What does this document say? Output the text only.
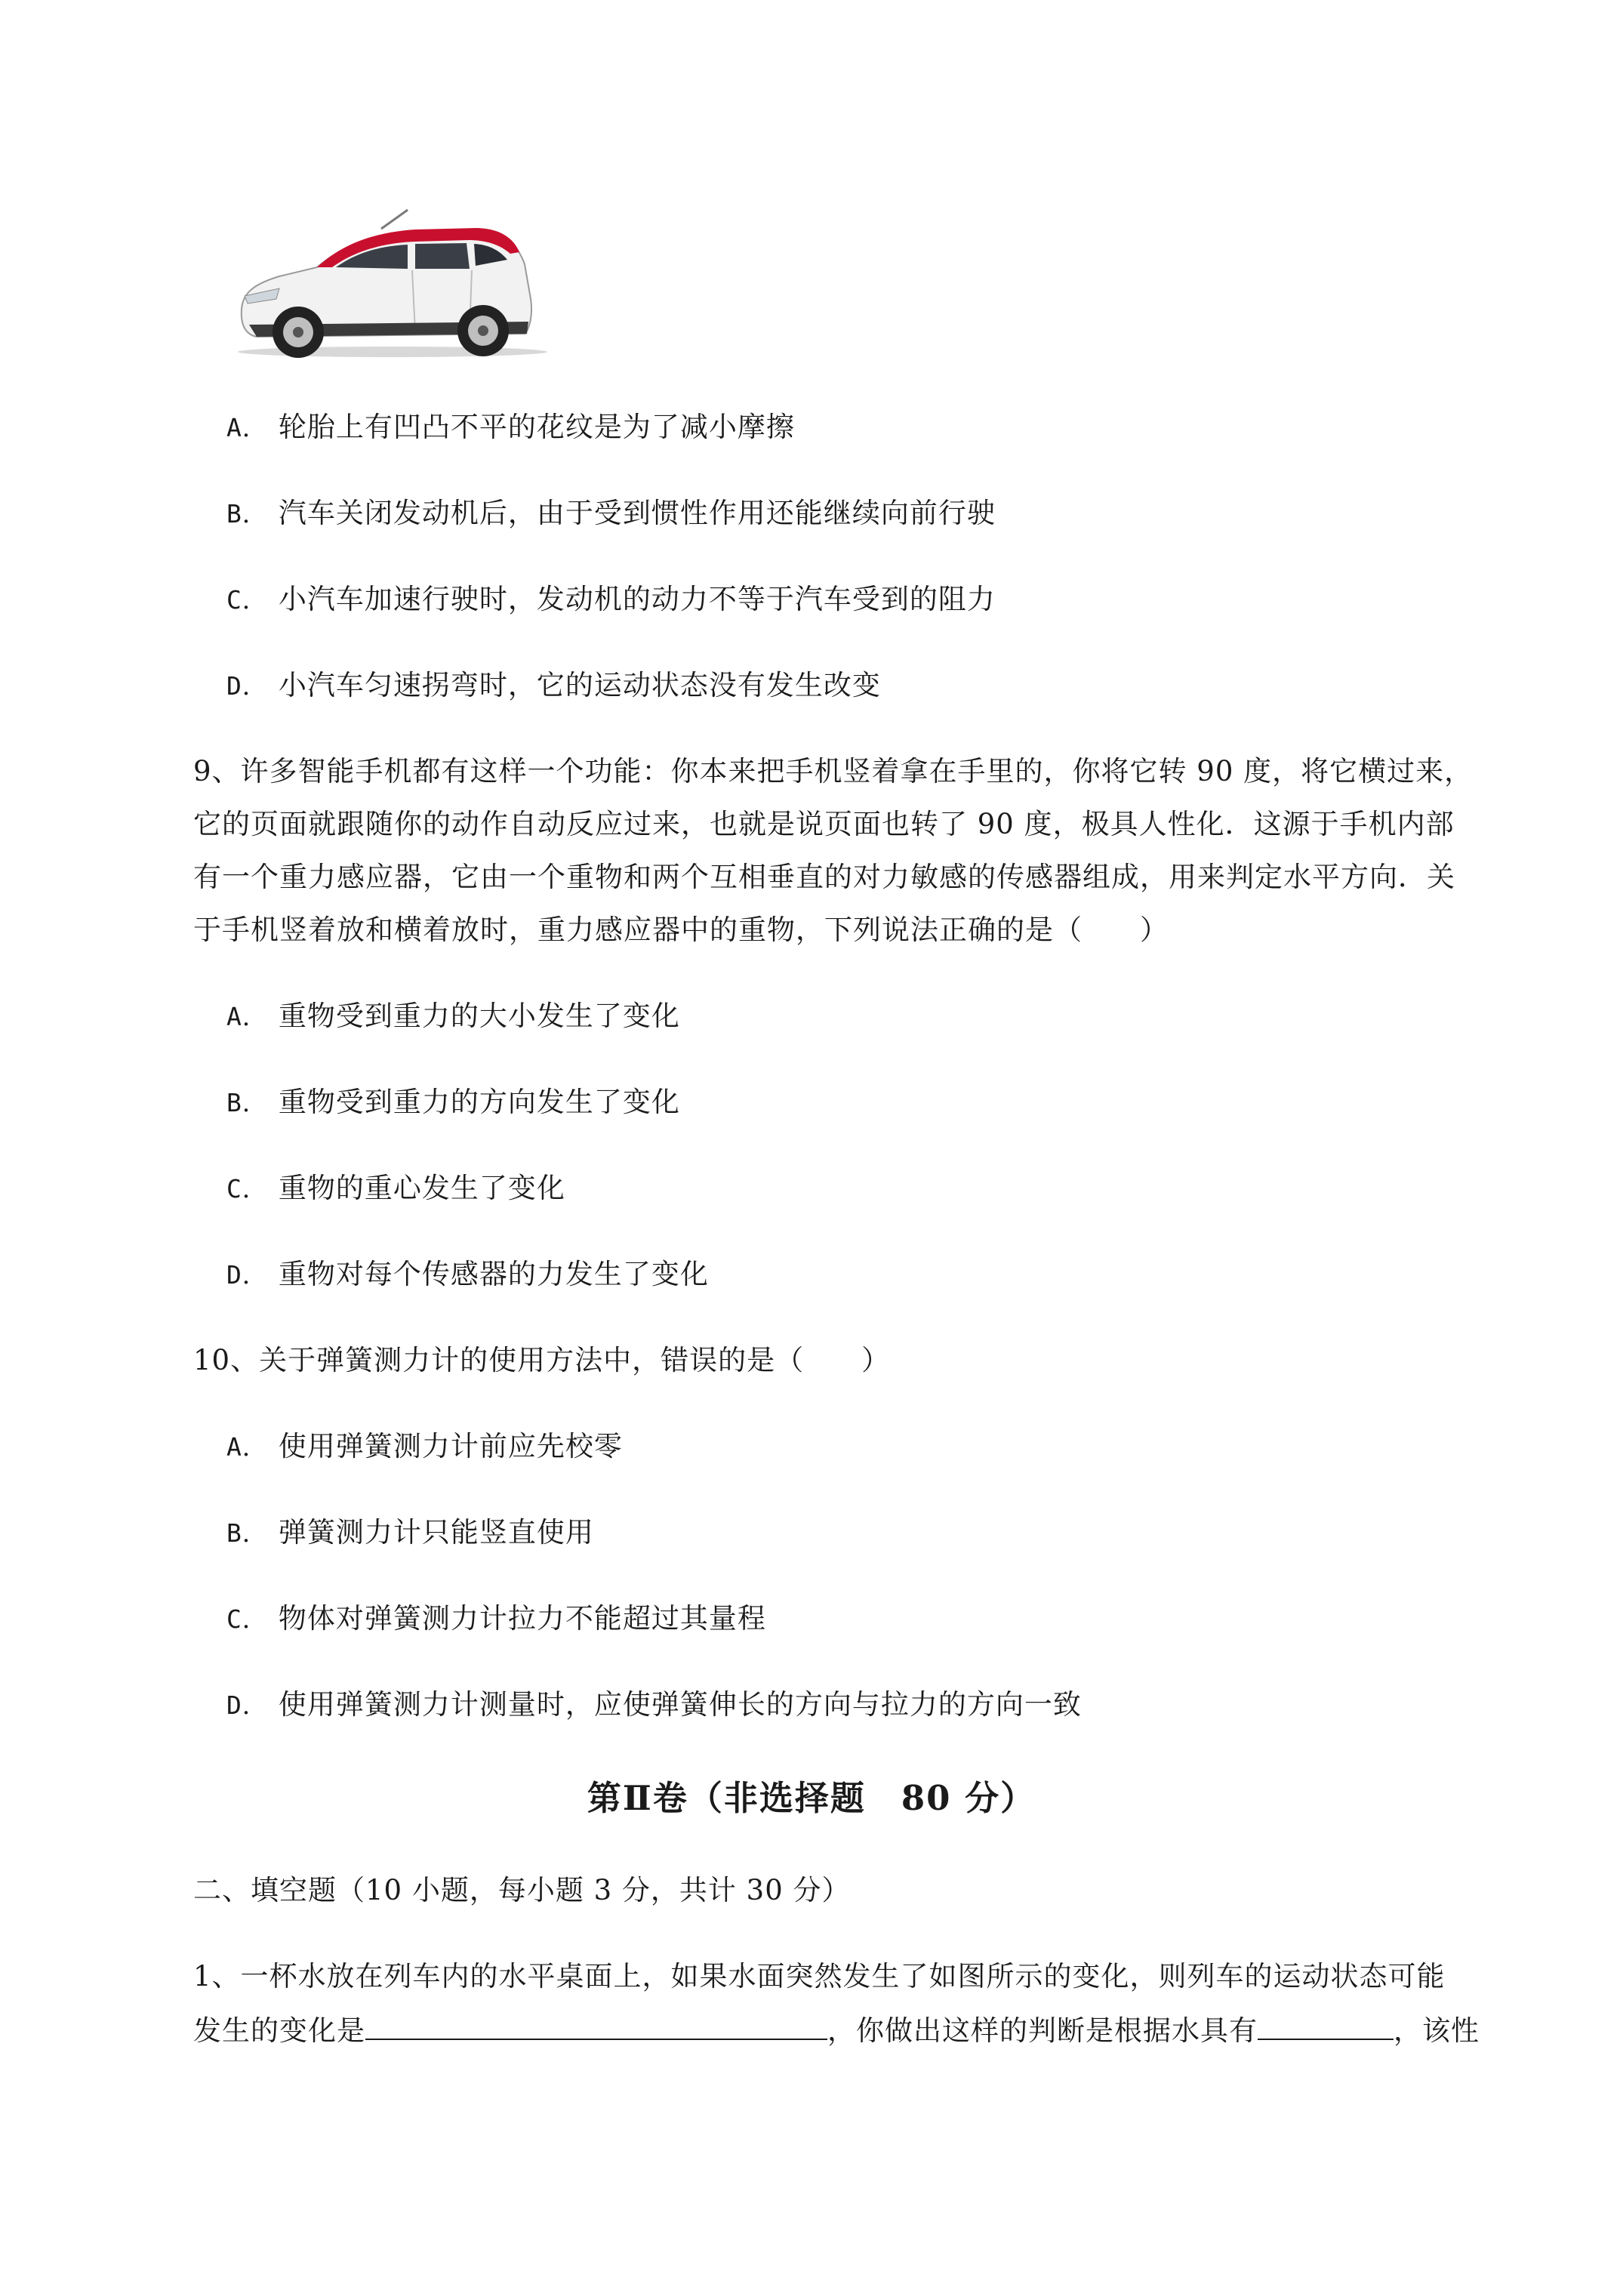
A． 轮胎上有凹凸不平的花纹是为了减小摩擦
B． 汽车关闭发动机后，由于受到惯性作用还能继续向前行驶
C． 小汽车加速行驶时，发动机的动力不等于汽车受到的阻力
D． 小汽车匀速拐弯时，它的运动状态没有发生改变
9、许多智能手机都有这样一个功能：你本来把手机竖着拿在手里的，你将它转 90 度，将它横过来，
它的页面就跟随你的动作自动反应过来，也就是说页面也转了 90 度，极具人性化．这源于手机内部
有一个重力感应器，它由一个重物和两个互相垂直的对力敏感的传感器组成，用来判定水平方向．关
于手机竖着放和横着放时，重力感应器中的重物，下列说法正确的是（　　）
A． 重物受到重力的大小发生了变化
B． 重物受到重力的方向发生了变化
C． 重物的重心发生了变化
D． 重物对每个传感器的力发生了变化
10、关于弹簧测力计的使用方法中，错误的是（　　）
A． 使用弹簧测力计前应先校零
B． 弹簧测力计只能竖直使用
C． 物体对弹簧测力计拉力不能超过其量程
D． 使用弹簧测力计测量时，应使弹簧伸长的方向与拉力的方向一致
第Ⅱ卷（非选择题　80 分）
二、填空题（10 小题，每小题 3 分，共计 30 分）
1、一杯水放在列车内的水平桌面上，如果水面突然发生了如图所示的变化，则列车的运动状态可能
发生的变化是	，你做出这样的判断是根据水具有	，该性
